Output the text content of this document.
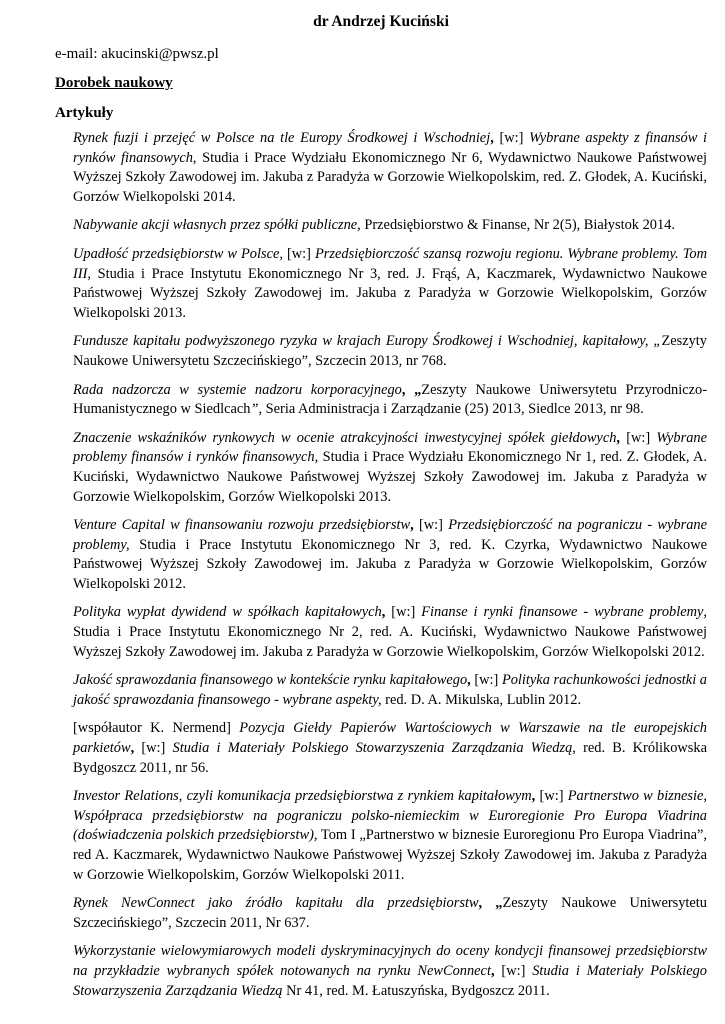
dr Andrzej Kuciński
e-mail: akucinski@pwsz.pl
Dorobek naukowy
Artykuły

Rynek fuzji i przejęć w Polsce na tle Europy Środkowej i Wschodniej, [w:] Wybrane aspekty z finansów i rynków finansowych, Studia i Prace Wydziału Ekonomicznego Nr 6, Wydawnictwo Naukowe Państwowej Wyższej Szkoły Zawodowej im. Jakuba z Paradyża w Gorzowie Wielkopolskim, red. Z. Głodek, A. Kuciński, Gorzów Wielkopolski 2014.

Nabywanie akcji własnych przez spółki publiczne, Przedsiębiorstwo & Finanse, Nr 2(5), Białystok 2014.

Upadłość przedsiębiorstw w Polsce, [w:] Przedsiębiorczość szansą rozwoju regionu. Wybrane problemy. Tom III, Studia i Prace Instytutu Ekonomicznego Nr 3, red. J. Frąś, A, Kaczmarek, Wydawnictwo Naukowe Państwowej Wyższej Szkoły Zawodowej im. Jakuba z Paradyża w Gorzowie Wielkopolskim, Gorzów Wielkopolski 2013.

Fundusze kapitału podwyższonego ryzyka w krajach Europy Środkowej i Wschodniej, kapitałowy, „Zeszyty Naukowe Uniwersytetu Szczecińskiego”, Szczecin 2013, nr 768.

Rada nadzorcza w systemie nadzoru korporacyjnego, „Zeszyty Naukowe Uniwersytetu Przyrodniczo-Humanistycznego w Siedlcach”, Seria Administracja i Zarządzanie (25) 2013, Siedlce 2013, nr 98.

Znaczenie wskaźników rynkowych w ocenie atrakcyjności inwestycyjnej spółek giełdowych, [w:] Wybrane problemy finansów i rynków finansowych, Studia i Prace Wydziału Ekonomicznego Nr 1, red. Z. Głodek, A. Kuciński, Wydawnictwo Naukowe Państwowej Wyższej Szkoły Zawodowej im. Jakuba z Paradyża w Gorzowie Wielkopolskim, Gorzów Wielkopolski 2013.

Venture Capital w finansowaniu rozwoju przedsiębiorstw, [w:] Przedsiębiorczość na pograniczu - wybrane problemy, Studia i Prace Instytutu Ekonomicznego Nr 3, red. K. Czyrka, Wydawnictwo Naukowe Państwowej Wyższej Szkoły Zawodowej im. Jakuba z Paradyża w Gorzowie Wielkopolskim, Gorzów Wielkopolski 2012.

Polityka wypłat dywidend w spółkach kapitałowych, [w:] Finanse i rynki finansowe - wybrane problemy, Studia i Prace Instytutu Ekonomicznego Nr 2, red. A. Kuciński, Wydawnictwo Naukowe Państwowej Wyższej Szkoły Zawodowej im. Jakuba z Paradyża w Gorzowie Wielkopolskim, Gorzów Wielkopolski 2012.

Jakość sprawozdania finansowego w kontekście rynku kapitałowego, [w:] Polityka rachunkowości jednostki a jakość sprawozdania finansowego - wybrane aspekty, red. D. A. Mikulska, Lublin 2012.

[współautor K. Nermend] Pozycja Giełdy Papierów Wartościowych w Warszawie na tle europejskich parkietów, [w:] Studia i Materiały Polskiego Stowarzyszenia Zarządzania Wiedzą, red. B. Królikowska Bydgoszcz 2011, nr 56.

Investor Relations, czyli komunikacja przedsiębiorstwa z rynkiem kapitałowym, [w:] Partnerstwo w biznesie, Współpraca przedsiębiorstw na pograniczu polsko-niemieckim w Euroregionie Pro Europa Viadrina (doświadczenia polskich przedsiębiorstw), Tom I „Partnerstwo w biznesie Euroregionu Pro Europa Viadrina”, red A. Kaczmarek, Wydawnictwo Naukowe Państwowej Wyższej Szkoły Zawodowej im. Jakuba z Paradyża w Gorzowie Wielkopolskim, Gorzów Wielkopolski 2011.

Rynek NewConnect jako źródło kapitału dla przedsiębiorstw, „Zeszyty Naukowe Uniwersytetu Szczecińskiego”, Szczecin 2011, Nr 637.

Wykorzystanie wielowymiarowych modeli dyskryminacyjnych do oceny kondycji finansowej przedsiębiorstw na przykładzie wybranych spółek notowanych na rynku NewConnect, [w:] Studia i Materiały Polskiego Stowarzyszenia Zarządzania Wiedzą Nr 41, red. M. Łatuszyńska, Bydgoszcz 2011.
